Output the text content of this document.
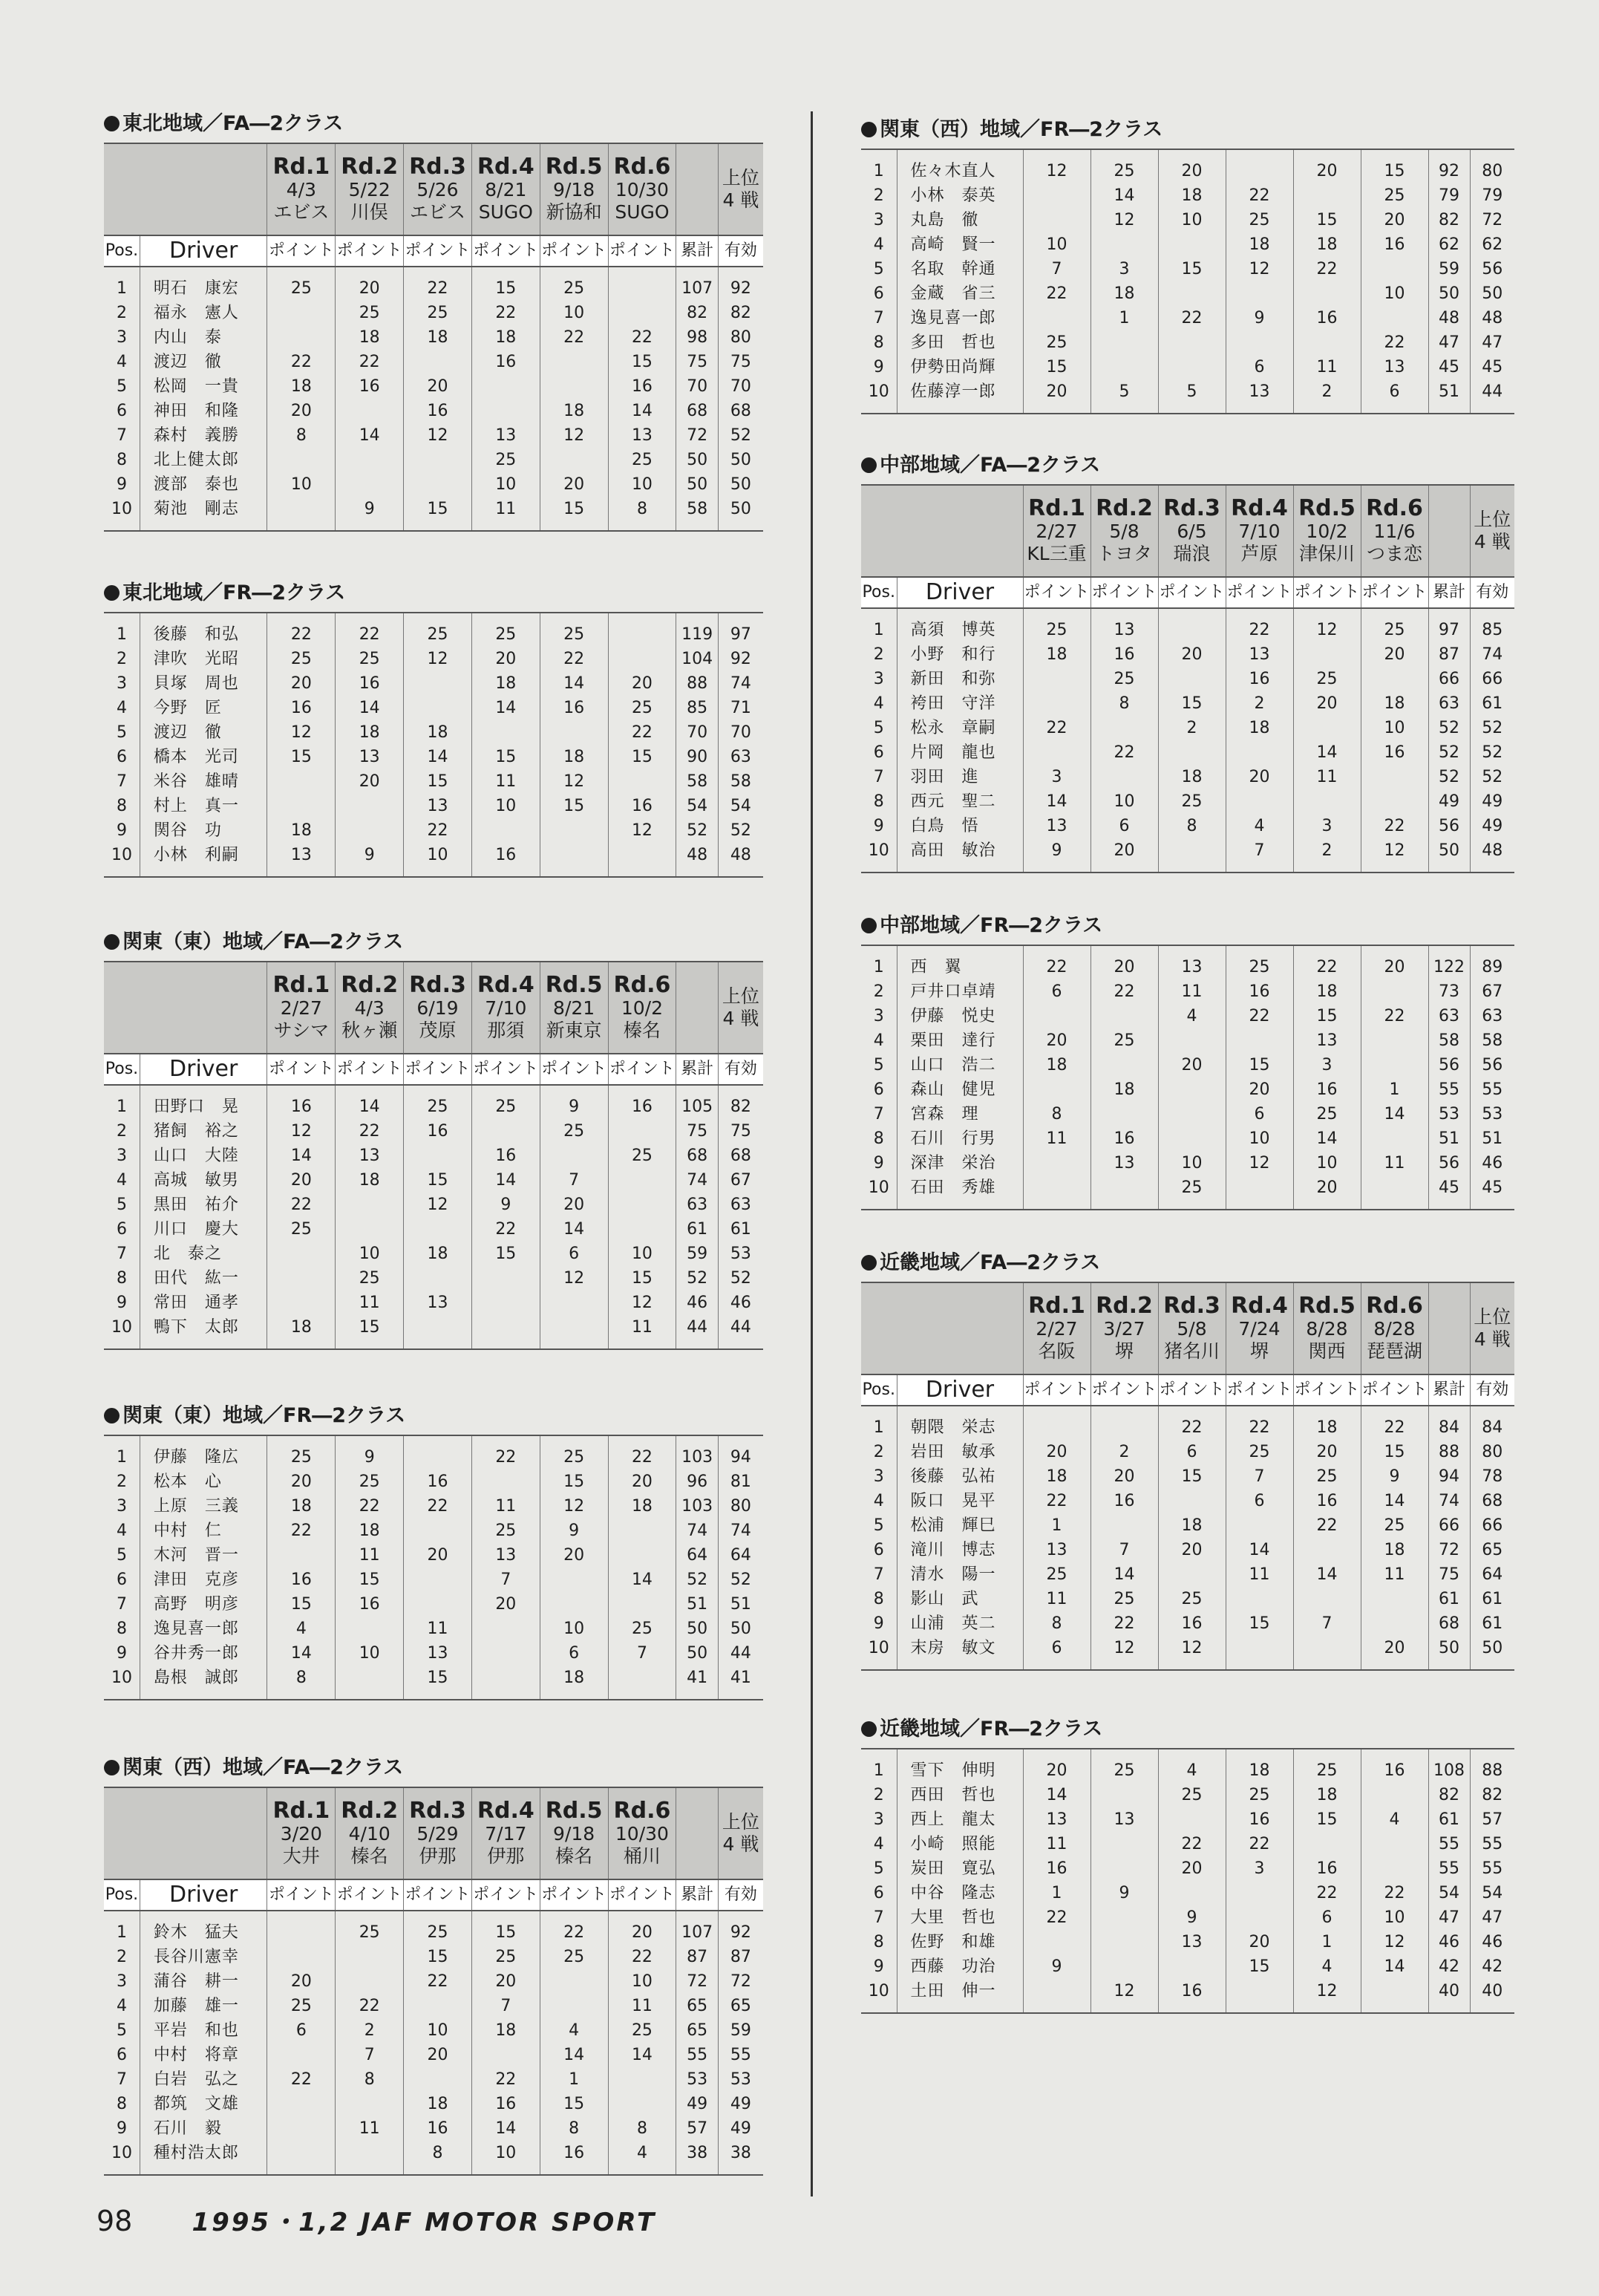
東北地域／FA―2クラス

		Rd.1
4/3
エビス	Rd.2
5/22
川俣	Rd.3
5/26
エビス	Rd.4
8/21
SUGO	Rd.5
9/18
新協和	Rd.6
10/30
SUGO		上位
4 戦

Pos.	Driver	ポイント	ポイント	ポイント	ポイント	ポイント	ポイント	累計	有効

1	明石　康宏	25	20	22	15	25		107	92
2	福永　憲人		25	25	22	10		82	82
3	内山　泰		18	18	18	22	22	98	80
4	渡辺　徹	22	22		16		15	75	75
5	松岡　一貴	18	16	20			16	70	70
6	神田　和隆	20		16		18	14	68	68
7	森村　義勝	8	14	12	13	12	13	72	52
8	北上健太郎				25		25	50	50
9	渡部　泰也	10			10	20	10	50	50
10	菊池　剛志		9	15	11	15	8	58	50

東北地域／FR―2クラス

1	後藤　和弘	22	22	25	25	25		119	97
2	津吹　光昭	25	25	12	20	22		104	92
3	貝塚　周也	20	16		18	14	20	88	74
4	今野　匠	16	14		14	16	25	85	71
5	渡辺　徹	12	18	18			22	70	70
6	橋本　光司	15	13	14	15	18	15	90	63
7	米谷　雄晴		20	15	11	12		58	58
8	村上　真一			13	10	15	16	54	54
9	関谷　功	18		22			12	52	52
10	小林　利嗣	13	9	10	16			48	48

関東（東）地域／FA―2クラス

		Rd.1
2/27
サシマ	Rd.2
4/3
秋ヶ瀬	Rd.3
6/19
茂原	Rd.4
7/10
那須	Rd.5
8/21
新東京	Rd.6
10/2
榛名		上位
4 戦

Pos.	Driver	ポイント	ポイント	ポイント	ポイント	ポイント	ポイント	累計	有効

1	田野口　晃	16	14	25	25	9	16	105	82
2	猪飼　裕之	12	22	16		25		75	75
3	山口　大陸	14	13		16		25	68	68
4	高城　敏男	20	18	15	14	7		74	67
5	黒田　祐介	22		12	9	20		63	63
6	川口　慶大	25			22	14		61	61
7	北　泰之		10	18	15	6	10	59	53
8	田代　紘一		25			12	15	52	52
9	常田　通孝		11	13			12	46	46
10	鴨下　太郎	18	15				11	44	44

関東（東）地域／FR―2クラス

1	伊藤　隆広	25	9		22	25	22	103	94
2	松本　心	20	25	16		15	20	96	81
3	上原　三義	18	22	22	11	12	18	103	80
4	中村　仁	22	18		25	9		74	74
5	木河　晋一		11	20	13	20		64	64
6	津田　克彦	16	15		7		14	52	52
7	高野　明彦	15	16		20			51	51
8	逸見喜一郎	4		11		10	25	50	50
9	谷井秀一郎	14	10	13		6	7	50	44
10	島根　誠郎	8		15		18		41	41

関東（西）地域／FA―2クラス

		Rd.1
3/20
大井	Rd.2
4/10
榛名	Rd.3
5/29
伊那	Rd.4
7/17
伊那	Rd.5
9/18
榛名	Rd.6
10/30
桶川		上位
4 戦

Pos.	Driver	ポイント	ポイント	ポイント	ポイント	ポイント	ポイント	累計	有効

1	鈴木　猛夫		25	25	15	22	20	107	92
2	長谷川憲幸			15	25	25	22	87	87
3	蒲谷　耕一	20		22	20		10	72	72
4	加藤　雄一	25	22		7		11	65	65
5	平岩　和也	6	2	10	18	4	25	65	59
6	中村　将章		7	20		14	14	55	55
7	白岩　弘之	22	8		22	1		53	53
8	都筑　文雄			18	16	15		49	49
9	石川　毅		11	16	14	8	8	57	49
10	種村浩太郎			8	10	16	4	38	38

関東（西）地域／FR―2クラス

1	佐々木直人	12	25	20		20	15	92	80
2	小林　泰英		14	18	22		25	79	79
3	丸島　徹		12	10	25	15	20	82	72
4	高崎　賢一	10			18	18	16	62	62
5	名取　幹通	7	3	15	12	22		59	56
6	金蔵　省三	22	18				10	50	50
7	逸見喜一郎		1	22	9	16		48	48
8	多田　哲也	25					22	47	47
9	伊勢田尚輝	15			6	11	13	45	45
10	佐藤淳一郎	20	5	5	13	2	6	51	44

中部地域／FA―2クラス

		Rd.1
2/27
KL三重	Rd.2
5/8
トヨタ	Rd.3
6/5
瑞浪	Rd.4
7/10
芦原	Rd.5
10/2
津保川	Rd.6
11/6
つま恋		上位
4 戦

Pos.	Driver	ポイント	ポイント	ポイント	ポイント	ポイント	ポイント	累計	有効

1	高須　博英	25	13		22	12	25	97	85
2	小野　和行	18	16	20	13		20	87	74
3	新田　和弥		25		16	25		66	66
4	袴田　守洋		8	15	2	20	18	63	61
5	松永　章嗣	22		2	18		10	52	52
6	片岡　龍也		22			14	16	52	52
7	羽田　進	3		18	20	11		52	52
8	西元　聖二	14	10	25				49	49
9	白鳥　悟	13	6	8	4	3	22	56	49
10	高田　敏治	9	20		7	2	12	50	48

中部地域／FR―2クラス

1	西　翼	22	20	13	25	22	20	122	89
2	戸井口卓靖	6	22	11	16	18		73	67
3	伊藤　悦史			4	22	15	22	63	63
4	栗田　達行	20	25			13		58	58
5	山口　浩二	18		20	15	3		56	56
6	森山　健児		18		20	16	1	55	55
7	宮森　理	8			6	25	14	53	53
8	石川　行男	11	16		10	14		51	51
9	深津　栄治		13	10	12	10	11	56	46
10	石田　秀雄			25		20		45	45

近畿地域／FA―2クラス

		Rd.1
2/27
名阪	Rd.2
3/27
堺	Rd.3
5/8
猪名川	Rd.4
7/24
堺	Rd.5
8/28
関西	Rd.6
8/28
琵琶湖		上位
4 戦

Pos.	Driver	ポイント	ポイント	ポイント	ポイント	ポイント	ポイント	累計	有効

1	朝隈　栄志			22	22	18	22	84	84
2	岩田　敏承	20	2	6	25	20	15	88	80
3	後藤　弘祐	18	20	15	7	25	9	94	78
4	阪口　晃平	22	16		6	16	14	74	68
5	松浦　輝巳	1		18		22	25	66	66
6	滝川　博志	13	7	20	14		18	72	65
7	清水　陽一	25	14		11	14	11	75	64
8	影山　武	11	25	25				61	61
9	山浦　英二	8	22	16	15	7		68	61
10	末房　敏文	6	12	12			20	50	50

近畿地域／FR―2クラス

1	雪下　伸明	20	25	4	18	25	16	108	88
2	西田　哲也	14		25	25	18		82	82
3	西上　龍太	13	13		16	15	4	61	57
4	小崎　照能	11		22	22			55	55
5	炭田　寛弘	16		20	3	16		55	55
6	中谷　隆志	1	9			22	22	54	54
7	大里　哲也	22		9		6	10	47	47
8	佐野　和雄			13	20	1	12	46	46
9	西藤　功治	9			15	4	14	42	42
10	土田　伸一		12	16		12		40	40

98 1995・1,2 JAF MOTOR SPORT
